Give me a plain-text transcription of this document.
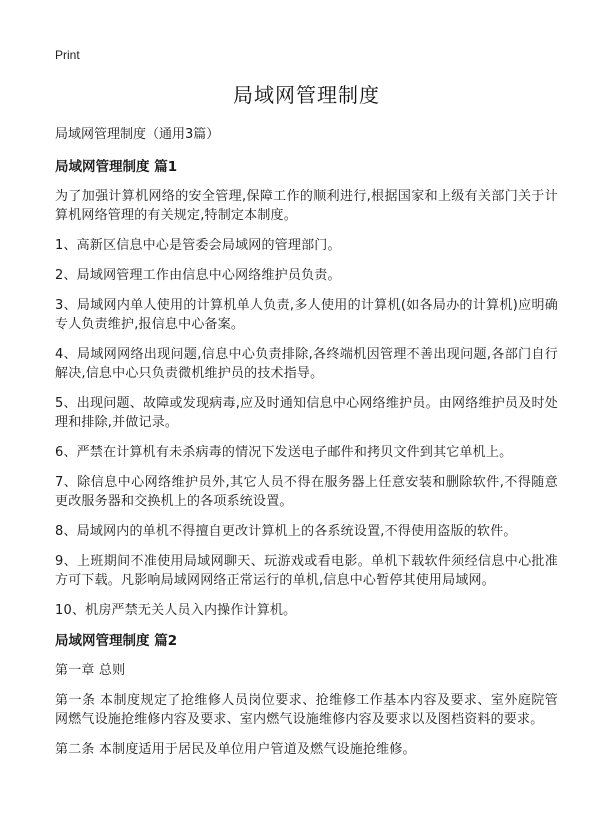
Print
局域网管理制度

局域网管理制度（通用3篇）

局域网管理制度 篇1

为了加强计算机网络的安全管理,保障工作的顺利进行,根据国家和上级有关部门关于计算机网络管理的有关规定,特制定本制度。

1、高新区信息中心是管委会局域网的管理部门。

2、局域网管理工作由信息中心网络维护员负责。

3、局域网内单人使用的计算机单人负责,多人使用的计算机(如各局办的计算机)应明确专人负责维护,报信息中心备案。

4、局域网网络出现问题,信息中心负责排除,各终端机因管理不善出现问题,各部门自行解决,信息中心只负责微机维护员的技术指导。

5、出现问题、故障或发现病毒,应及时通知信息中心网络维护员。由网络维护员及时处理和排除,并做记录。

6、严禁在计算机有未杀病毒的情况下发送电子邮件和拷贝文件到其它单机上。

7、除信息中心网络维护员外,其它人员不得在服务器上任意安装和删除软件,不得随意更改服务器和交换机上的各项系统设置。

8、局域网内的单机不得擅自更改计算机上的各系统设置,不得使用盗版的软件。

9、上班期间不准使用局域网聊天、玩游戏或看电影。单机下载软件须经信息中心批准方可下载。凡影响局域网网络正常运行的单机,信息中心暂停其使用局域网。

10、机房严禁无关人员入内操作计算机。

局域网管理制度 篇2

第一章 总则

第一条 本制度规定了抢维修人员岗位要求、抢维修工作基本内容及要求、室外庭院管网燃气设施抢维修内容及要求、室内燃气设施维修内容及要求以及图档资料的要求。

第二条 本制度适用于居民及单位用户管道及燃气设施抢维修。
